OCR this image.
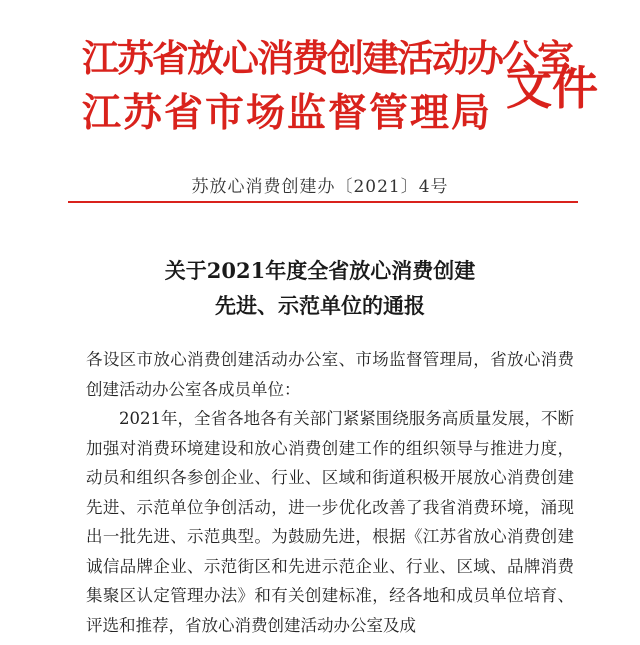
江苏省放心消费创建活动办公室
江苏省市场监督管理局 文件
苏放心消费创建办〔2021〕4号
关于2021年度全省放心消费创建
先进、示范单位的通报

各设区市放心消费创建活动办公室、市场监督管理局，省放心消费创建活动办公室各成员单位：

2021年，全省各地各有关部门紧紧围绕服务高质量发展，不断加强对消费环境建设和放心消费创建工作的组织领导与推进力度，动员和组织各参创企业、行业、区域和街道积极开展放心消费创建先进、示范单位争创活动，进一步优化改善了我省消费环境，涌现出一批先进、示范典型。为鼓励先进，根据《江苏省放心消费创建诚信品牌企业、示范街区和先进示范企业、行业、区域、品牌消费集聚区认定管理办法》和有关创建标准，经各地和成员单位培育、评选和推荐，省放心消费创建活动办公室及成
